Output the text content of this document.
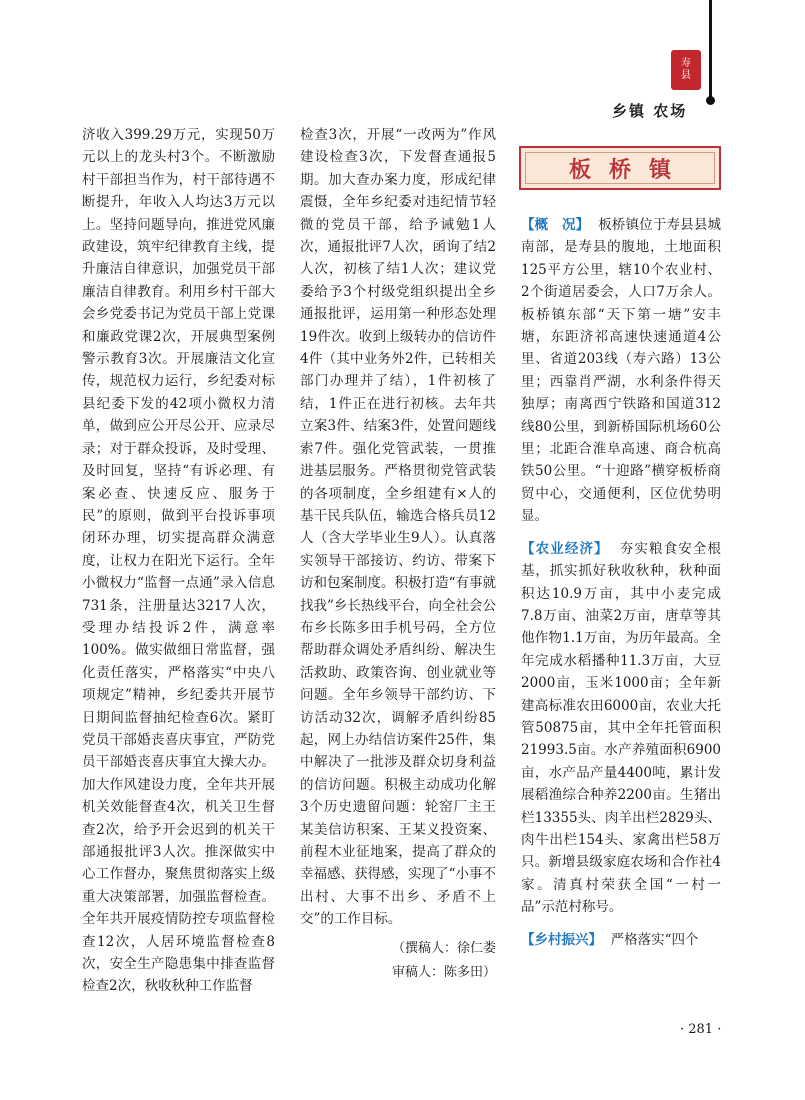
寿
县
乡镇 农场

济收入399.29万元，实现50万元以上的龙头村3个。不断激励村干部担当作为，村干部待遇不断提升，年收入人均达3万元以上。坚持问题导向，推进党风廉政建设，筑牢纪律教育主线，提升廉洁自律意识，加强党员干部廉洁自律教育。利用乡村干部大会乡党委书记为党员干部上党课和廉政党课2次，开展典型案例警示教育3次。开展廉洁文化宣传，规范权力运行，乡纪委对标县纪委下发的42项小微权力清单，做到应公开尽公开、应录尽录；对于群众投诉，及时受理、及时回复，坚持“有诉必理、有案必查、快速反应、服务于民”的原则，做到平台投诉事项闭环办理，切实提高群众满意度，让权力在阳光下运行。全年小微权力“监督一点通”录入信息731条，注册量达3217人次，受理办结投诉2件，满意率100%。做实做细日常监督，强化责任落实，严格落实“中央八项规定”精神，乡纪委共开展节日期间监督抽纪检查6次。紧盯党员干部婚丧喜庆事宜，严防党员干部婚丧喜庆事宜大操大办。加大作风建设力度，全年共开展机关效能督查4次，机关卫生督查2次，给予开会迟到的机关干部通报批评3人次。推深做实中心工作督办，聚焦贯彻落实上级重大决策部署，加强监督检查。全年共开展疫情防控专项监督检查12次，人居环境监督检查8次，安全生产隐患集中排查监督检查2次，秋收秋种工作监督

检查3次，开展“一改两为”作风建设检查3次，下发督查通报5期。加大查办案力度，形成纪律震慑，全年乡纪委对违纪情节轻微的党员干部，给予诫勉1人次，通报批评7人次，函询了结2人次，初核了结1人次；建议党委给予3个村级党组织提出全乡通报批评，运用第一种形态处理19件次。收到上级转办的信访件4件（其中业务外2件，已转相关部门办理并了结），1件初核了结，1件正在进行初核。去年共立案3件、结案3件，处置问题线索7件。强化党管武装，一贯推进基层服务。严格贯彻党管武装的各项制度，全乡组建有×人的基干民兵队伍，输选合格兵员12人（含大学毕业生9人）。认真落实领导干部接访、约访、带案下访和包案制度。积极打造“有事就找我”乡长热线平台，向全社会公布乡长陈多田手机号码，全方位帮助群众调处矛盾纠纷、解决生活救助、政策咨询、创业就业等问题。全年乡领导干部约访、下访活动32次，调解矛盾纠纷85起，网上办结信访案件25件，集中解决了一批涉及群众切身利益的信访问题。积极主动成功化解3个历史遗留问题：轮窑厂主王某美信访积案、王某义投资案、前程木业征地案，提高了群众的幸福感、获得感，实现了“小事不出村、大事不出乡、矛盾不上交”的工作目标。

（撰稿人：徐仁娄
审稿人：陈多田）
板桥镇

【概　况】 板桥镇位于寿县县城南部，是寿县的腹地，土地面积125平方公里，辖10个农业村、2个街道居委会，人口7万余人。板桥镇东部“天下第一塘”安丰塘，东距济祁高速快速通道4公里、省道203线（寿六路）13公里；西靠肖严湖，水利条件得天独厚；南离西宁铁路和国道312线80公里，到新桥国际机场60公里；北距合淮阜高速、商合杭高铁50公里。“十迎路”横穿板桥商贸中心，交通便利，区位优势明显。

【农业经济】 夯实粮食安全根基，抓实抓好秋收秋种，秋种面积达10.9万亩，其中小麦完成7.8万亩、油菜2万亩，唐草等其他作物1.1万亩，为历年最高。全年完成水稻播种11.3万亩，大豆2000亩，玉米1000亩；全年新建高标准农田6000亩，农业大托管50875亩，其中全年托管面积21993.5亩。水产养殖面积6900亩，水产品产量4400吨，累计发展稻渔综合种养2200亩。生猪出栏13355头、肉羊出栏2829头、肉牛出栏154头、家禽出栏58万只。新增县级家庭农场和合作社4家。清真村荣获全国“一村一品”示范村称号。

【乡村振兴】 严格落实“四个

· 281 ·
